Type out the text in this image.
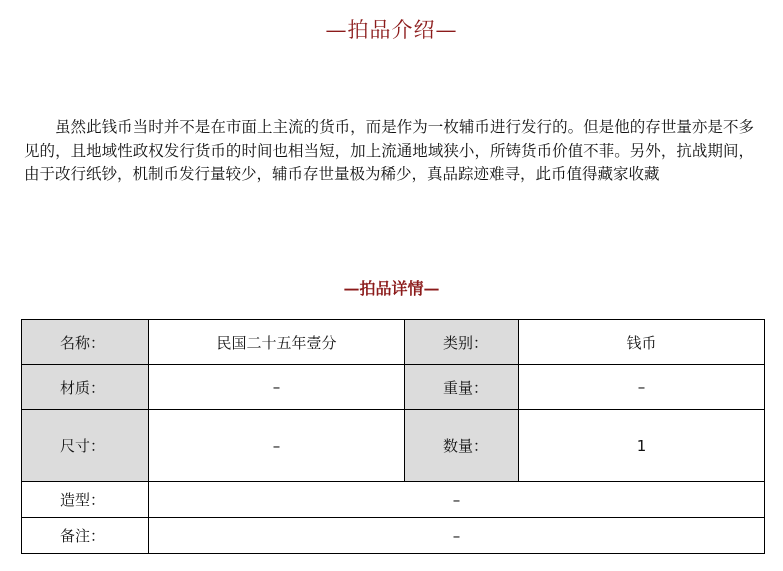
—拍品介绍—

虽然此钱币当时并不是在市面上主流的货币，而是作为一枚辅币进行发行的。但是他的存世量亦是不多见的，且地域性政权发行货币的时间也相当短，加上流通地域狭小，所铸货币价值不菲。另外，抗战期间，由于改行纸钞，机制币发行量较少，辅币存世量极为稀少，真品踪迹难寻，此币值得藏家收藏

—拍品详情—
名称：	民国二十五年壹分	类别：	钱币
材质：	–	重量：	–
尺寸：	–	数量：	1
造型：	–		
备注：	–		
